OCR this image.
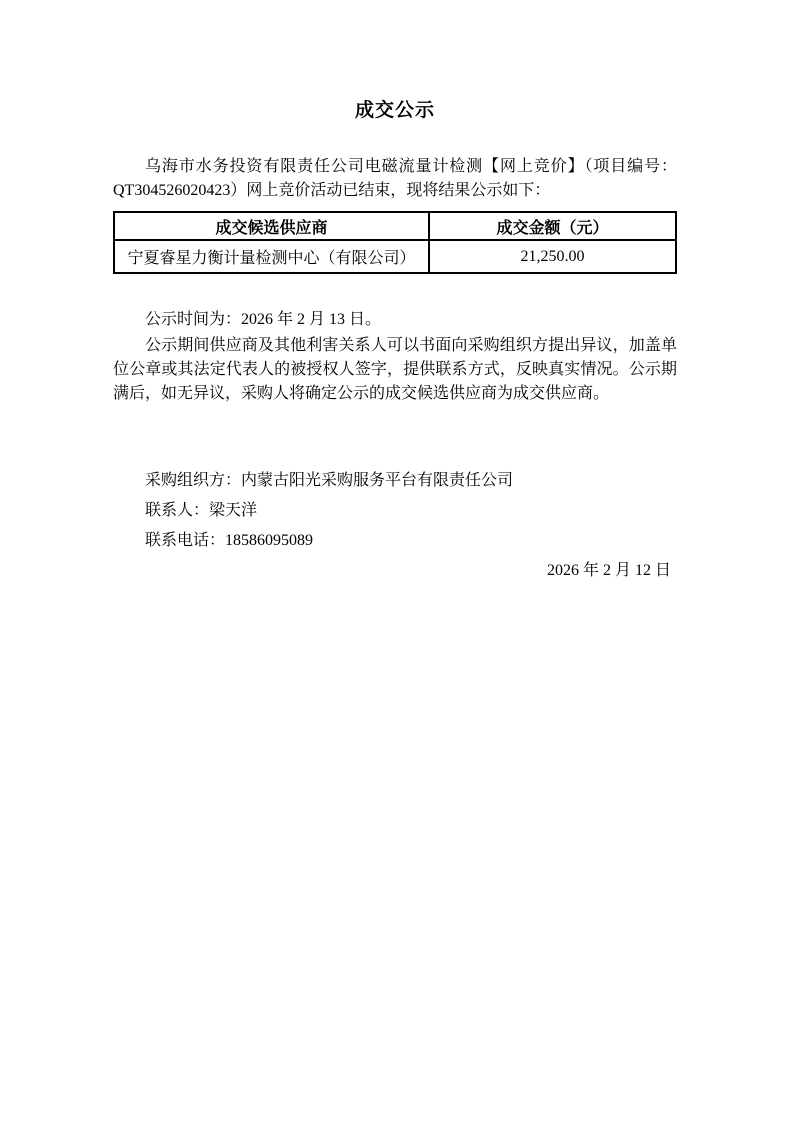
成交公示

乌海市水务投资有限责任公司电磁流量计检测【网上竞价】（项目编号：QT304526020423）网上竞价活动已结束，现将结果公示如下：

成交候选供应商	成交金额（元）
宁夏睿星力衡计量检测中心（有限公司）	21,250.00

公示时间为：2026 年 2 月 13 日。

公示期间供应商及其他利害关系人可以书面向采购组织方提出异议，加盖单位公章或其法定代表人的被授权人签字，提供联系方式，反映真实情况。公示期满后，如无异议，采购人将确定公示的成交候选供应商为成交供应商。

采购组织方：内蒙古阳光采购服务平台有限责任公司

联系人：梁天洋

联系电话：18586095089

2026 年 2 月 12 日
